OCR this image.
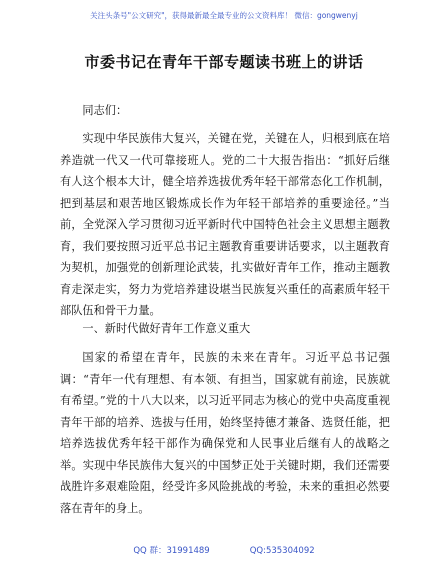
关注头条号"公文研究"，获得最新最全最专业的公文资料库！ 微信：gongwenyj
市委书记在青年干部专题读书班上的讲话

同志们：

实现中华民族伟大复兴，关键在党，关键在人，归根到底在培养造就一代又一代可靠接班人。党的二十大报告指出：“抓好后继有人这个根本大计，健全培养选拔优秀年轻干部常态化工作机制，把到基层和艰苦地区锻炼成长作为年轻干部培养的重要途径。”当前，全党深入学习贯彻习近平新时代中国特色社会主义思想主题教育，我们要按照习近平总书记主题教育重要讲话要求，以主题教育为契机，加强党的创新理论武装，扎实做好青年工作，推动主题教育走深走实，努力为党培养建设堪当民族复兴重任的高素质年轻干部队伍和骨干力量。

一、新时代做好青年工作意义重大

国家的希望在青年，民族的未来在青年。习近平总书记强调：“青年一代有理想、有本领、有担当，国家就有前途，民族就有希望。”党的十八大以来，以习近平同志为核心的党中央高度重视青年干部的培养、选拔与任用，始终坚持德才兼备、选贤任能，把培养选拔优秀年轻干部作为确保党和人民事业后继有人的战略之举。实现中华民族伟大复兴的中国梦正处于关键时期，我们还需要战胜许多艰难险阻，经受许多风险挑战的考验，未来的重担必然要落在青年的身上。

QQ 群：31991489	QQ:535304092
